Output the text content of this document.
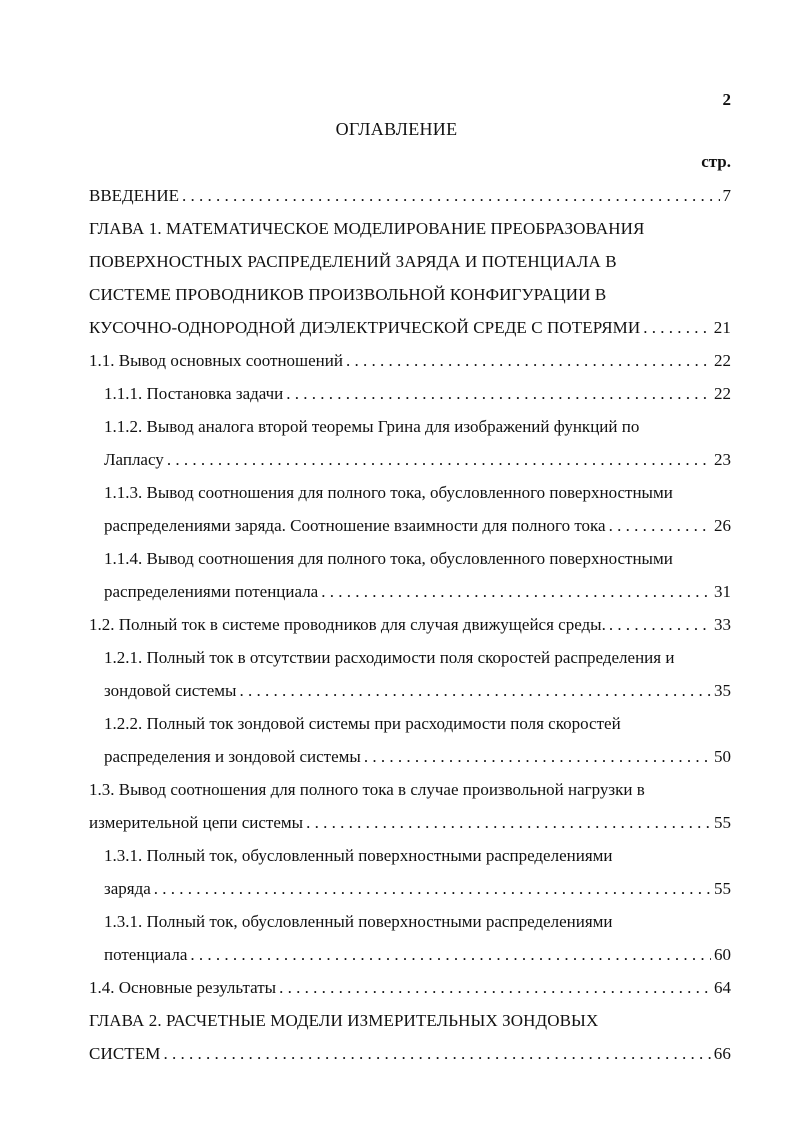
2
ОГЛАВЛЕНИЕ
стр.
ВВЕДЕНИЕ . . .	7
ГЛАВА 1. МАТЕМАТИЧЕСКОЕ МОДЕЛИРОВАНИЕ ПРЕОБРАЗОВАНИЯ
ПОВЕРХНОСТНЫХ РАСПРЕДЕЛЕНИЙ ЗАРЯДА И ПОТЕНЦИАЛА В
СИСТЕМЕ ПРОВОДНИКОВ ПРОИЗВОЛЬНОЙ КОНФИГУРАЦИИ В
КУСОЧНО-ОДНОРОДНОЙ ДИЭЛЕКТРИЧЕСКОЙ СРЕДЕ С ПОТЕРЯМИ . . .	21
1.1. Вывод основных соотношений . . .	22
1.1.1. Постановка задачи . . .	22
1.1.2. Вывод аналога второй теоремы Грина для изображений функций по
Лапласу . . .	23
1.1.3. Вывод соотношения для полного тока, обусловленного поверхностными
распределениями заряда. Соотношение взаимности для полного тока . . .	26
1.1.4. Вывод соотношения для полного тока, обусловленного поверхностными
распределениями потенциала . . .	31
1.2. Полный ток в системе проводников для случая движущейся среды. . . .	33
1.2.1. Полный ток в отсутствии расходимости поля скоростей распределения и
зондовой системы . . .	35
1.2.2. Полный ток зондовой системы при расходимости поля скоростей
распределения и зондовой системы . . .	50
1.3. Вывод соотношения для полного тока в случае произвольной нагрузки в
измерительной цепи системы . . .	55
1.3.1. Полный ток, обусловленный поверхностными распределениями
заряда . . .	55
1.3.1. Полный ток, обусловленный поверхностными распределениями
потенциала . . .	60
1.4. Основные результаты . . .	64
ГЛАВА 2. РАСЧЕТНЫЕ МОДЕЛИ ИЗМЕРИТЕЛЬНЫХ ЗОНДОВЫХ
СИСТЕМ . . .	66
